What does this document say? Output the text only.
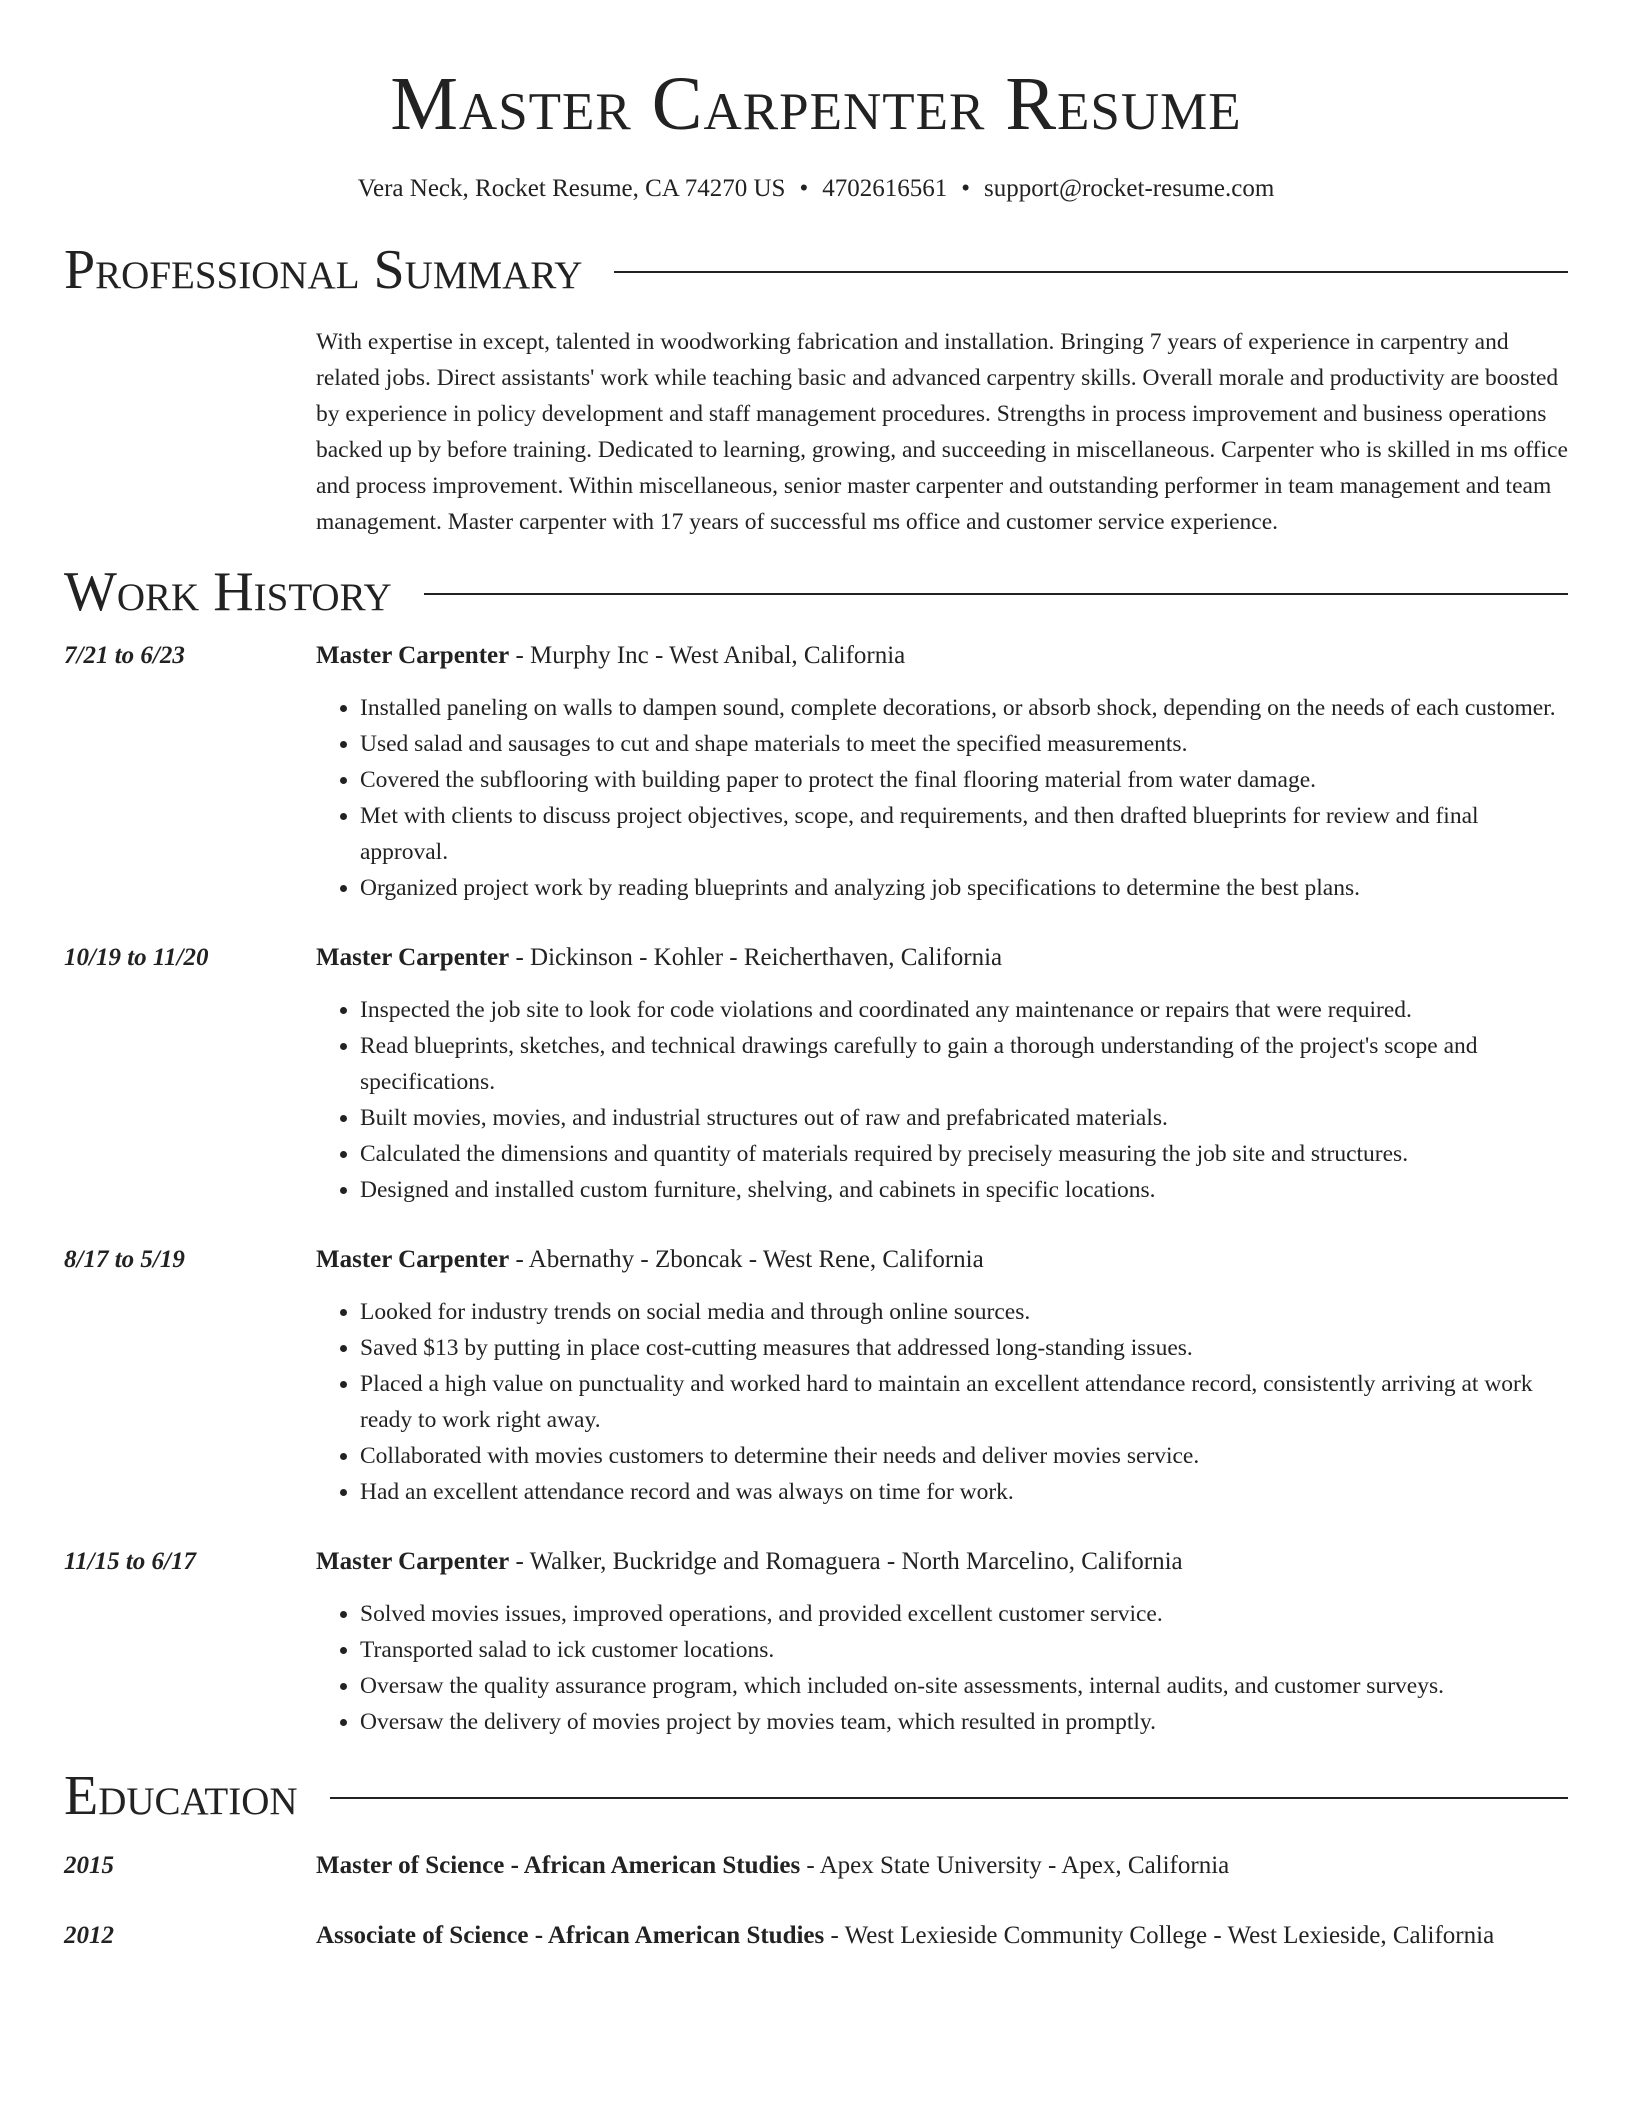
Master Carpenter Resume
Vera Neck, Rocket Resume, CA 74270 US • 4702616561 • support@rocket-resume.com
Professional Summary
With expertise in except, talented in woodworking fabrication and installation. Bringing 7 years of experience in carpentry and related jobs. Direct assistants' work while teaching basic and advanced carpentry skills. Overall morale and productivity are boosted by experience in policy development and staff management procedures. Strengths in process improvement and business operations backed up by before training. Dedicated to learning, growing, and succeeding in miscellaneous. Carpenter who is skilled in ms office and process improvement. Within miscellaneous, senior master carpenter and outstanding performer in team management and team management. Master carpenter with 17 years of successful ms office and customer service experience.
Work History
7/21 to 6/23	Master Carpenter - Murphy Inc - West Anibal, California
• Installed paneling on walls to dampen sound, complete decorations, or absorb shock, depending on the needs of each customer.
• Used salad and sausages to cut and shape materials to meet the specified measurements.
• Covered the subflooring with building paper to protect the final flooring material from water damage.
• Met with clients to discuss project objectives, scope, and requirements, and then drafted blueprints for review and final approval.
• Organized project work by reading blueprints and analyzing job specifications to determine the best plans.
10/19 to 11/20	Master Carpenter - Dickinson - Kohler - Reicherthaven, California
• Inspected the job site to look for code violations and coordinated any maintenance or repairs that were required.
• Read blueprints, sketches, and technical drawings carefully to gain a thorough understanding of the project's scope and specifications.
• Built movies, movies, and industrial structures out of raw and prefabricated materials.
• Calculated the dimensions and quantity of materials required by precisely measuring the job site and structures.
• Designed and installed custom furniture, shelving, and cabinets in specific locations.
8/17 to 5/19	Master Carpenter - Abernathy - Zboncak - West Rene, California
• Looked for industry trends on social media and through online sources.
• Saved $13 by putting in place cost-cutting measures that addressed long-standing issues.
• Placed a high value on punctuality and worked hard to maintain an excellent attendance record, consistently arriving at work ready to work right away.
• Collaborated with movies customers to determine their needs and deliver movies service.
• Had an excellent attendance record and was always on time for work.
11/15 to 6/17	Master Carpenter - Walker, Buckridge and Romaguera - North Marcelino, California
• Solved movies issues, improved operations, and provided excellent customer service.
• Transported salad to ick customer locations.
• Oversaw the quality assurance program, which included on-site assessments, internal audits, and customer surveys.
• Oversaw the delivery of movies project by movies team, which resulted in promptly.
Education
2015	Master of Science - African American Studies - Apex State University - Apex, California
2012	Associate of Science - African American Studies - West Lexieside Community College - West Lexieside, California
